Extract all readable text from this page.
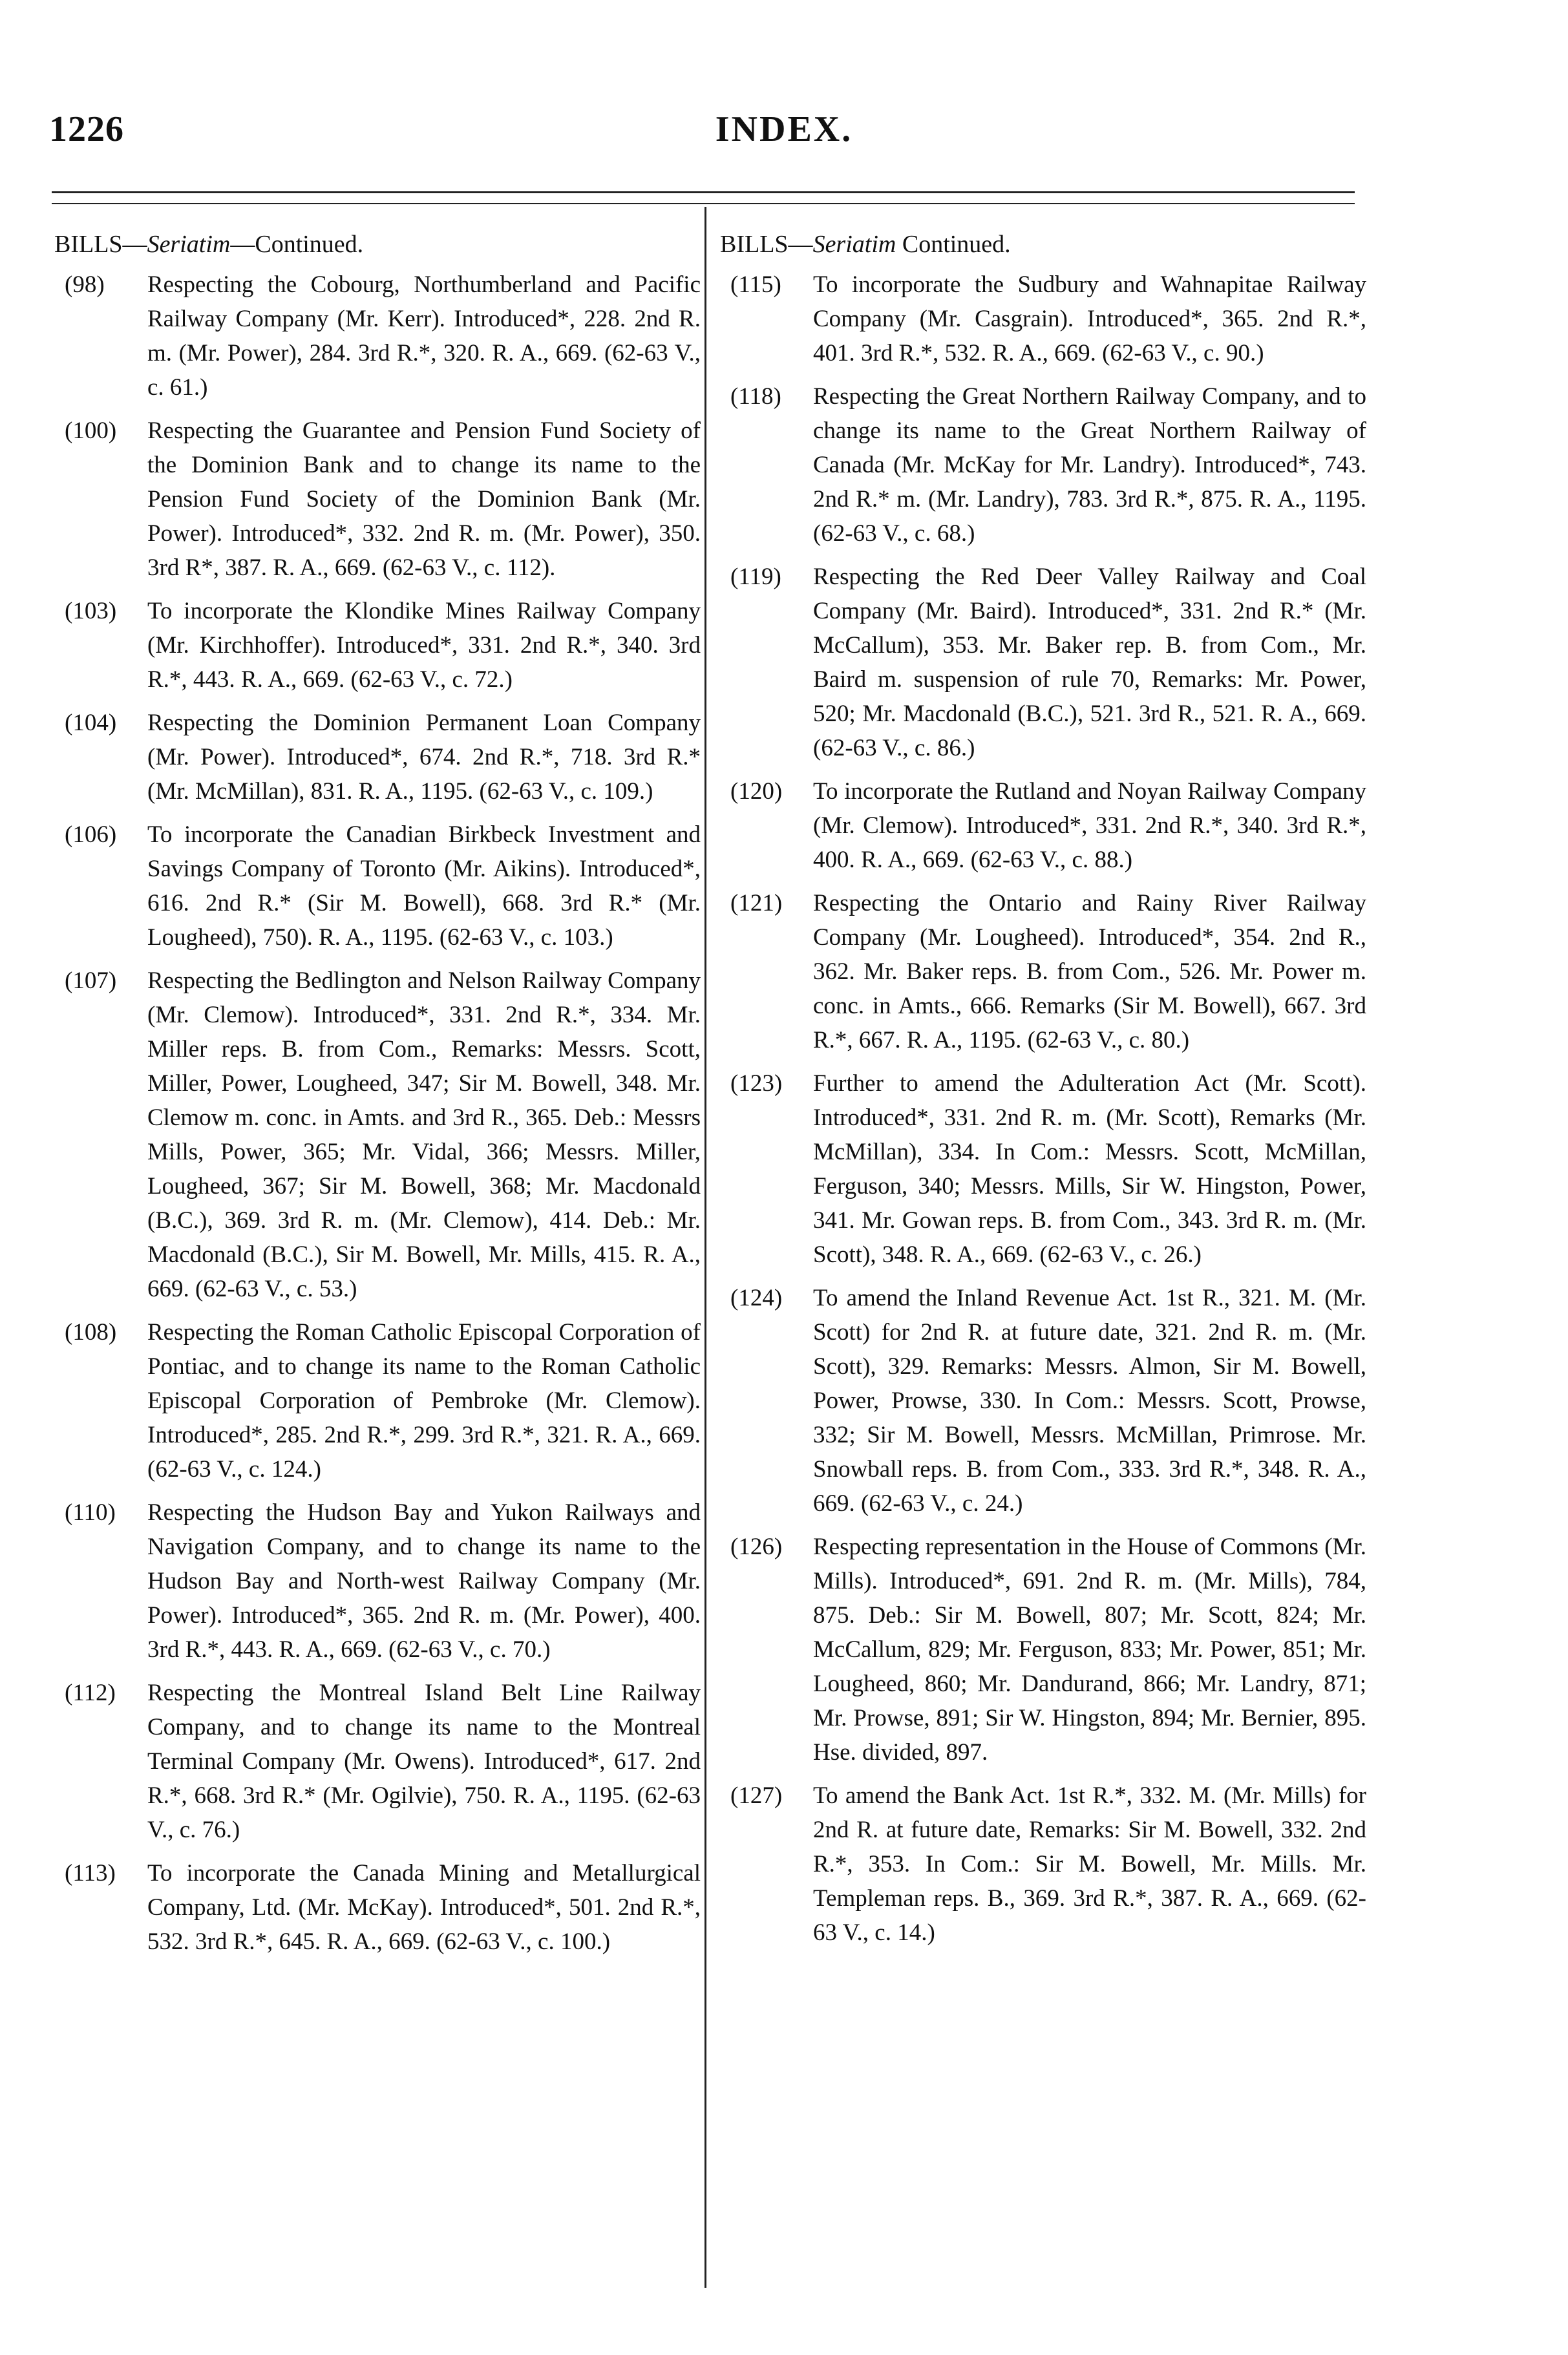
1226	INDEX.
BILLS—Seriatim—Continued.
(98) Respecting the Cobourg, Northumberland and Pacific Railway Company (Mr. Kerr). Introduced*, 228. 2nd R. m. (Mr. Power), 284. 3rd R.*, 320. R. A., 669. (62-63 V., c. 61.)
(100) Respecting the Guarantee and Pension Fund Society of the Dominion Bank and to change its name to the Pension Fund Society of the Dominion Bank (Mr. Power). Introduced*, 332. 2nd R. m. (Mr. Power), 350. 3rd R*, 387. R. A., 669. (62-63 V., c. 112).
(103) To incorporate the Klondike Mines Railway Company (Mr. Kirchhoffer). Introduced*, 331. 2nd R.*, 340. 3rd R.*, 443. R. A., 669. (62-63 V., c. 72.)
(104) Respecting the Dominion Permanent Loan Company (Mr. Power). Introduced*, 674. 2nd R.*, 718. 3rd R.* (Mr. McMillan), 831. R. A., 1195. (62-63 V., c. 109.)
(106) To incorporate the Canadian Birkbeck Investment and Savings Company of Toronto (Mr. Aikins). Introduced*, 616. 2nd R.* (Sir M. Bowell), 668. 3rd R.* (Mr. Lougheed), 750). R. A., 1195. (62-63 V., c. 103.)
(107) Respecting the Bedlington and Nelson Railway Company (Mr. Clemow). Introduced*, 331. 2nd R.*, 334. Mr. Miller reps. B. from Com., Remarks: Messrs. Scott, Miller, Power, Lougheed, 347; Sir M. Bowell, 348. Mr. Clemow m. conc. in Amts. and 3rd R., 365. Deb.: Messrs Mills, Power, 365; Mr. Vidal, 366; Messrs. Miller, Lougheed, 367; Sir M. Bowell, 368; Mr. Macdonald (B.C.), 369. 3rd R. m. (Mr. Clemow), 414. Deb.: Mr. Macdonald (B.C.), Sir M. Bowell, Mr. Mills, 415. R. A., 669. (62-63 V., c. 53.)
(108) Respecting the Roman Catholic Episcopal Corporation of Pontiac, and to change its name to the Roman Catholic Episcopal Corporation of Pembroke (Mr. Clemow). Introduced*, 285. 2nd R.*, 299. 3rd R.*, 321. R. A., 669. (62-63 V., c. 124.)
(110) Respecting the Hudson Bay and Yukon Railways and Navigation Company, and to change its name to the Hudson Bay and North-west Railway Company (Mr. Power). Introduced*, 365. 2nd R. m. (Mr. Power), 400. 3rd R.*, 443. R. A., 669. (62-63 V., c. 70.)
(112) Respecting the Montreal Island Belt Line Railway Company, and to change its name to the Montreal Terminal Company (Mr. Owens). Introduced*, 617. 2nd R.*, 668. 3rd R.* (Mr. Ogilvie), 750. R. A., 1195. (62-63 V., c. 76.)
(113) To incorporate the Canada Mining and Metallurgical Company, Ltd. (Mr. McKay). Introduced*, 501. 2nd R.*, 532. 3rd R.*, 645. R. A., 669. (62-63 V., c. 100.)
BILLS—Seriatim Continued.
(115) To incorporate the Sudbury and Wahnapitae Railway Company (Mr. Casgrain). Introduced*, 365. 2nd R.*, 401. 3rd R.*, 532. R. A., 669. (62-63 V., c. 90.)
(118) Respecting the Great Northern Railway Company, and to change its name to the Great Northern Railway of Canada (Mr. McKay for Mr. Landry). Introduced*, 743. 2nd R.* m. (Mr. Landry), 783. 3rd R.*, 875. R. A., 1195. (62-63 V., c. 68.)
(119) Respecting the Red Deer Valley Railway and Coal Company (Mr. Baird). Introduced*, 331. 2nd R.* (Mr. McCallum), 353. Mr. Baker rep. B. from Com., Mr. Baird m. suspension of rule 70, Remarks: Mr. Power, 520; Mr. Macdonald (B.C.), 521. 3rd R., 521. R. A., 669. (62-63 V., c. 86.)
(120) To incorporate the Rutland and Noyan Railway Company (Mr. Clemow). Introduced*, 331. 2nd R.*, 340. 3rd R.*, 400. R. A., 669. (62-63 V., c. 88.)
(121) Respecting the Ontario and Rainy River Railway Company (Mr. Lougheed). Introduced*, 354. 2nd R., 362. Mr. Baker reps. B. from Com., 526. Mr. Power m. conc. in Amts., 666. Remarks (Sir M. Bowell), 667. 3rd R.*, 667. R. A., 1195. (62-63 V., c. 80.)
(123) Further to amend the Adulteration Act (Mr. Scott). Introduced*, 331. 2nd R. m. (Mr. Scott), Remarks (Mr. McMillan), 334. In Com.: Messrs. Scott, McMillan, Ferguson, 340; Messrs. Mills, Sir W. Hingston, Power, 341. Mr. Gowan reps. B. from Com., 343. 3rd R. m. (Mr. Scott), 348. R. A., 669. (62-63 V., c. 26.)
(124) To amend the Inland Revenue Act. 1st R., 321. M. (Mr. Scott) for 2nd R. at future date, 321. 2nd R. m. (Mr. Scott), 329. Remarks: Messrs. Almon, Sir M. Bowell, Power, Prowse, 330. In Com.: Messrs. Scott, Prowse, 332; Sir M. Bowell, Messrs. McMillan, Primrose. Mr. Snowball reps. B. from Com., 333. 3rd R.*, 348. R. A., 669. (62-63 V., c. 24.)
(126) Respecting representation in the House of Commons (Mr. Mills). Introduced*, 691. 2nd R. m. (Mr. Mills), 784, 875. Deb.: Sir M. Bowell, 807; Mr. Scott, 824; Mr. McCallum, 829; Mr. Ferguson, 833; Mr. Power, 851; Mr. Lougheed, 860; Mr. Dandurand, 866; Mr. Landry, 871; Mr. Prowse, 891; Sir W. Hingston, 894; Mr. Bernier, 895. Hse. divided, 897.
(127) To amend the Bank Act. 1st R.*, 332. M. (Mr. Mills) for 2nd R. at future date, Remarks: Sir M. Bowell, 332. 2nd R.*, 353. In Com.: Sir M. Bowell, Mr. Mills. Mr. Templeman reps. B., 369. 3rd R.*, 387. R. A., 669. (62-63 V., c. 14.)
